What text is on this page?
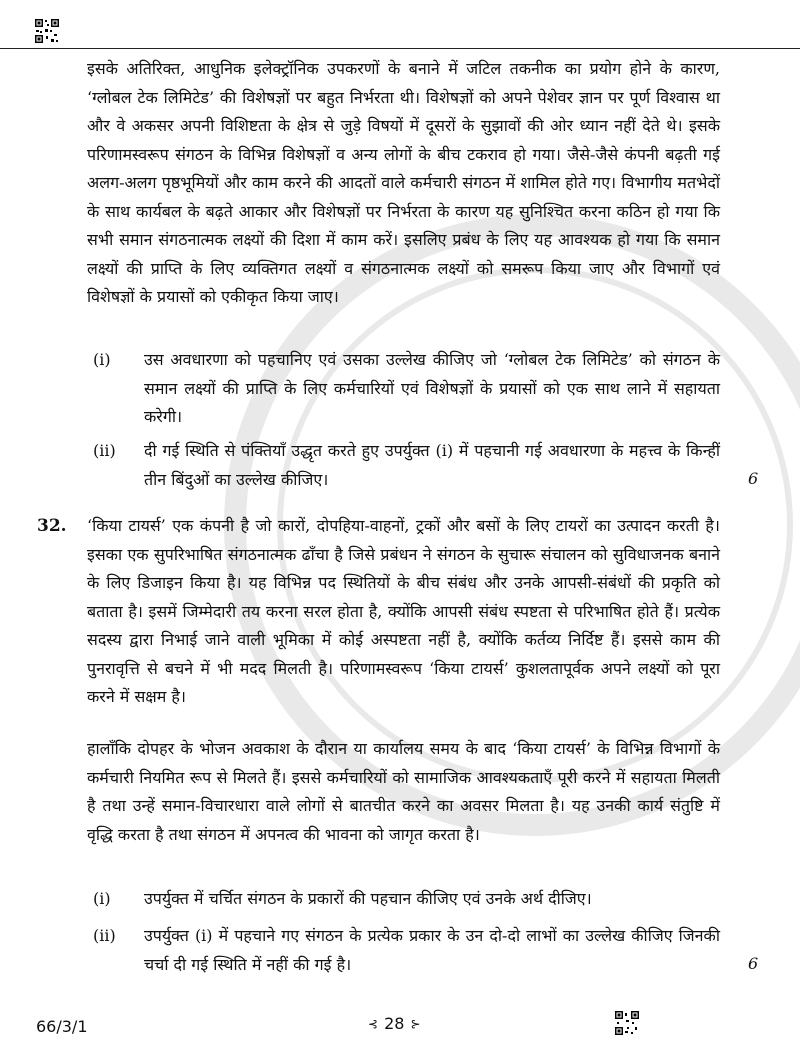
इसके अतिरिक्त, आधुनिक इलेक्ट्रॉनिक उपकरणों के बनाने में जटिल तकनीक का प्रयोग होने के कारण, ‘ग्लोबल टेक लिमिटेड’ की विशेषज्ञों पर बहुत निर्भरता थी। विशेषज्ञों को अपने पेशेवर ज्ञान पर पूर्ण विश्वास था और वे अकसर अपनी विशिष्टता के क्षेत्र से जुड़े विषयों में दूसरों के सुझावों की ओर ध्यान नहीं देते थे। इसके परिणामस्वरूप संगठन के विभिन्न विशेषज्ञों व अन्य लोगों के बीच टकराव हो गया। जैसे-जैसे कंपनी बढ़ती गई अलग-अलग पृष्ठभूमियों और काम करने की आदतों वाले कर्मचारी संगठन में शामिल होते गए। विभागीय मतभेदों के साथ कार्यबल के बढ़ते आकार और विशेषज्ञों पर निर्भरता के कारण यह सुनिश्चित करना कठिन हो गया कि सभी समान संगठनात्मक लक्ष्यों की दिशा में काम करें। इसलिए प्रबंध के लिए यह आवश्यक हो गया कि समान लक्ष्यों की प्राप्ति के लिए व्यक्तिगत लक्ष्यों व संगठनात्मक लक्ष्यों को समरूप किया जाए और विभागों एवं विशेषज्ञों के प्रयासों को एकीकृत किया जाए।

(i) उस अवधारणा को पहचानिए एवं उसका उल्लेख कीजिए जो ‘ग्लोबल टेक लिमिटेड’ को संगठन के समान लक्ष्यों की प्राप्ति के लिए कर्मचारियों एवं विशेषज्ञों के प्रयासों को एक साथ लाने में सहायता करेगी।
(ii) दी गई स्थिति से पंक्तियाँ उद्धृत करते हुए उपर्युक्त (i) में पहचानी गई अवधारणा के महत्त्व के किन्हीं तीन बिंदुओं का उल्लेख कीजिए।	6
32. ‘किया टायर्स’ एक कंपनी है जो कारों, दोपहिया-वाहनों, ट्रकों और बसों के लिए टायरों का उत्पादन करती है। इसका एक सुपरिभाषित संगठनात्मक ढाँचा है जिसे प्रबंधन ने संगठन के सुचारू संचालन को सुविधाजनक बनाने के लिए डिजाइन किया है। यह विभिन्न पद स्थितियों के बीच संबंध और उनके आपसी-संबंधों की प्रकृति को बताता है। इसमें जिम्मेदारी तय करना सरल होता है, क्योंकि आपसी संबंध स्पष्टता से परिभाषित होते हैं। प्रत्येक सदस्य द्वारा निभाई जाने वाली भूमिका में कोई अस्पष्टता नहीं है, क्योंकि कर्तव्य निर्दिष्ट हैं। इससे काम की पुनरावृत्ति से बचने में भी मदद मिलती है। परिणामस्वरूप ‘किया टायर्स’ कुशलतापूर्वक अपने लक्ष्यों को पूरा करने में सक्षम है।

हालाँकि दोपहर के भोजन अवकाश के दौरान या कार्यालय समय के बाद ‘किया टायर्स’ के विभिन्न विभागों के कर्मचारी नियमित रूप से मिलते हैं। इससे कर्मचारियों को सामाजिक आवश्यकताएँ पूरी करने में सहायता मिलती है तथा उन्हें समान-विचारधारा वाले लोगों से बातचीत करने का अवसर मिलता है। यह उनकी कार्य संतुष्टि में वृद्धि करता है तथा संगठन में अपनत्व की भावना को जागृत करता है।

(i) उपर्युक्त में चर्चित संगठन के प्रकारों की पहचान कीजिए एवं उनके अर्थ दीजिए।
(ii) उपर्युक्त (i) में पहचाने गए संगठन के प्रत्येक प्रकार के उन दो-दो लाभों का उल्लेख कीजिए जिनकी चर्चा दी गई स्थिति में नहीं की गई है।	6
66/3/1	⊰ 28 ⊱
